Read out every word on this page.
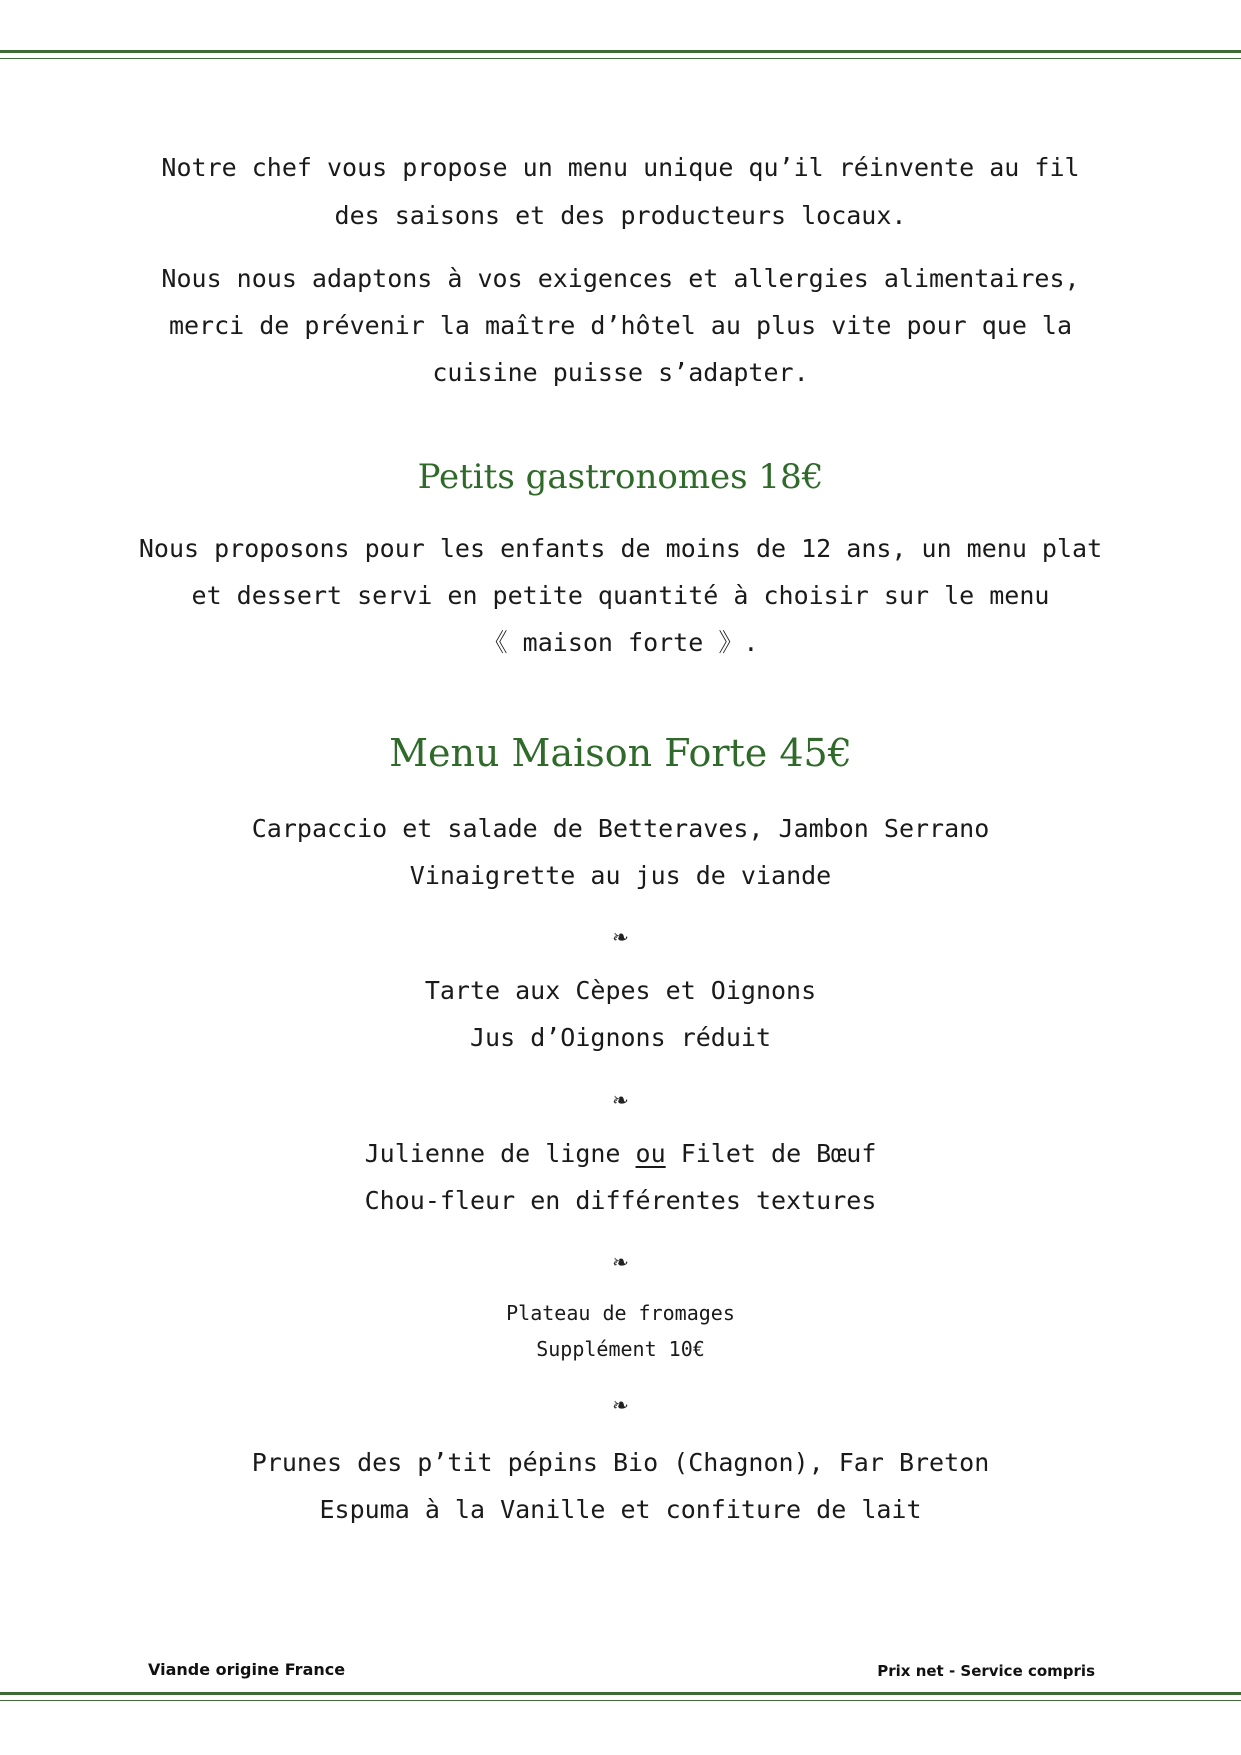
Notre chef vous propose un menu unique qu’il réinvente au fil
des saisons et des producteurs locaux.
Nous nous adaptons à vos exigences et allergies alimentaires,
merci de prévenir la maître d’hôtel au plus vite pour que la
cuisine puisse s’adapter.
Petits gastronomes 18€
Nous proposons pour les enfants de moins de 12 ans, un menu plat
et dessert servi en petite quantité à choisir sur le menu
《 maison forte 》.
Menu Maison Forte 45€
Carpaccio et salade de Betteraves, Jambon Serrano
Vinaigrette au jus de viande
❧
Tarte aux Cèpes et Oignons
Jus d’Oignons réduit
❧
Julienne de ligne ou Filet de Bœuf
Chou-fleur en différentes textures
❧
Plateau de fromages
Supplément 10€
❧
Prunes des p’tit pépins Bio (Chagnon), Far Breton
Espuma à la Vanille et confiture de lait
Viande origine France	Prix net - Service compris
